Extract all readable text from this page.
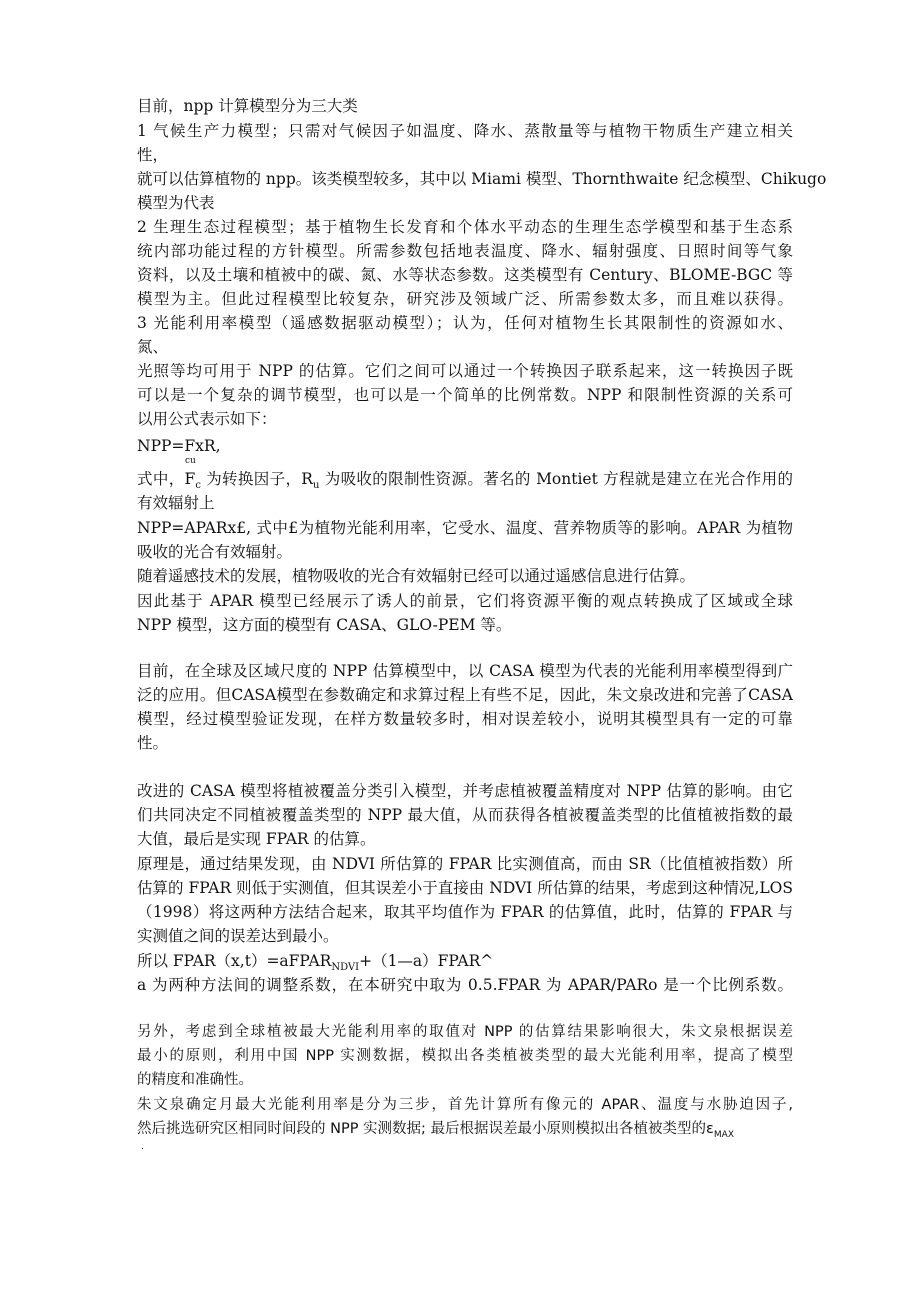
目前，npp 计算模型分为三大类
1 气候生产力模型；只需对气候因子如温度、降水、蒸散量等与植物干物质生产建立相关
性，
就可以估算植物的 npp。该类模型较多，其中以 Miami 模型、Thornthwaite 纪念模型、Chikugo
模型为代表
2 生理生态过程模型；基于植物生长发育和个体水平动态的生理生态学模型和基于生态系
统内部功能过程的方针模型。所需参数包括地表温度、降水、辐射强度、日照时间等气象
资料，以及土壤和植被中的碳、氮、水等状态参数。这类模型有 Century、BLOME-BGC 等
模型为主。但此过程模型比较复杂，研究涉及领域广泛、所需参数太多，而且难以获得。
3 光能利用率模型（遥感数据驱动模型）；认为，任何对植物生长其限制性的资源如水、
氮、
光照等均可用于 NPP 的估算。它们之间可以通过一个转换因子联系起来，这一转换因子既
可以是一个复杂的调节模型，也可以是一个简单的比例常数。NPP 和限制性资源的关系可
以用公式表示如下：
NPP=FxR,
cu
式中，$F_c$ 为转换因子，$R_u$ 为吸收的限制性资源。著名的 Montiet 方程就是建立在光合作用的
有效辐射上
NPP=APARx£, 式中£为植物光能利用率，它受水、温度、营养物质等的影响。APAR 为植物
吸收的光合有效辐射。
随着遥感技术的发展，植物吸收的光合有效辐射已经可以通过遥感信息进行估算。
因此基于 APAR 模型已经展示了诱人的前景，它们将资源平衡的观点转换成了区域或全球
NPP 模型，这方面的模型有 CASA、GLO-PEM 等。
目前，在全球及区域尺度的 NPP 估算模型中，以 CASA 模型为代表的光能利用率模型得到广
泛的应用。但CASA模型在参数确定和求算过程上有些不足，因此，朱文泉改进和完善了CASA
模型，经过模型验证发现，在样方数量较多时，相对误差较小，说明其模型具有一定的可靠
性。
改进的 CASA 模型将植被覆盖分类引入模型，并考虑植被覆盖精度对 NPP 估算的影响。由它
们共同决定不同植被覆盖类型的 NPP 最大值，从而获得各植被覆盖类型的比值植被指数的最
大值，最后是实现 FPAR 的估算。
原理是，通过结果发现，由 NDVI 所估算的 FPAR 比实测值高，而由 SR（比值植被指数）所
估算的 FPAR 则低于实测值，但其误差小于直接由 NDVI 所估算的结果，考虑到这种情况,LOS
（1998）将这两种方法结合起来，取其平均值作为 FPAR 的估算值，此时，估算的 FPAR 与
实测值之间的误差达到最小。
所以 FPAR（x,t）=aFPAR$_{NDVI}$+（1—a）FPAR^
a 为两种方法间的调整系数，在本研究中取为 0.5.FPAR 为 APAR/PARo 是一个比例系数。
另外，考虑到全球植被最大光能利用率的取值对 NPP 的估算结果影响很大，朱文泉根据误差
最小的原则，利用中国 NPP 实测数据，模拟出各类植被类型的最大光能利用率，提高了模型
的精度和准确性。
朱文泉确定月最大光能利用率是分为三步，首先计算所有像元的 APAR、温度与水胁迫因子,
然后挑选研究区相同时间段的 NPP 实测数据; 最后根据误差最小原则模拟出各植被类型的$\varepsilon_{MAX}$
.
